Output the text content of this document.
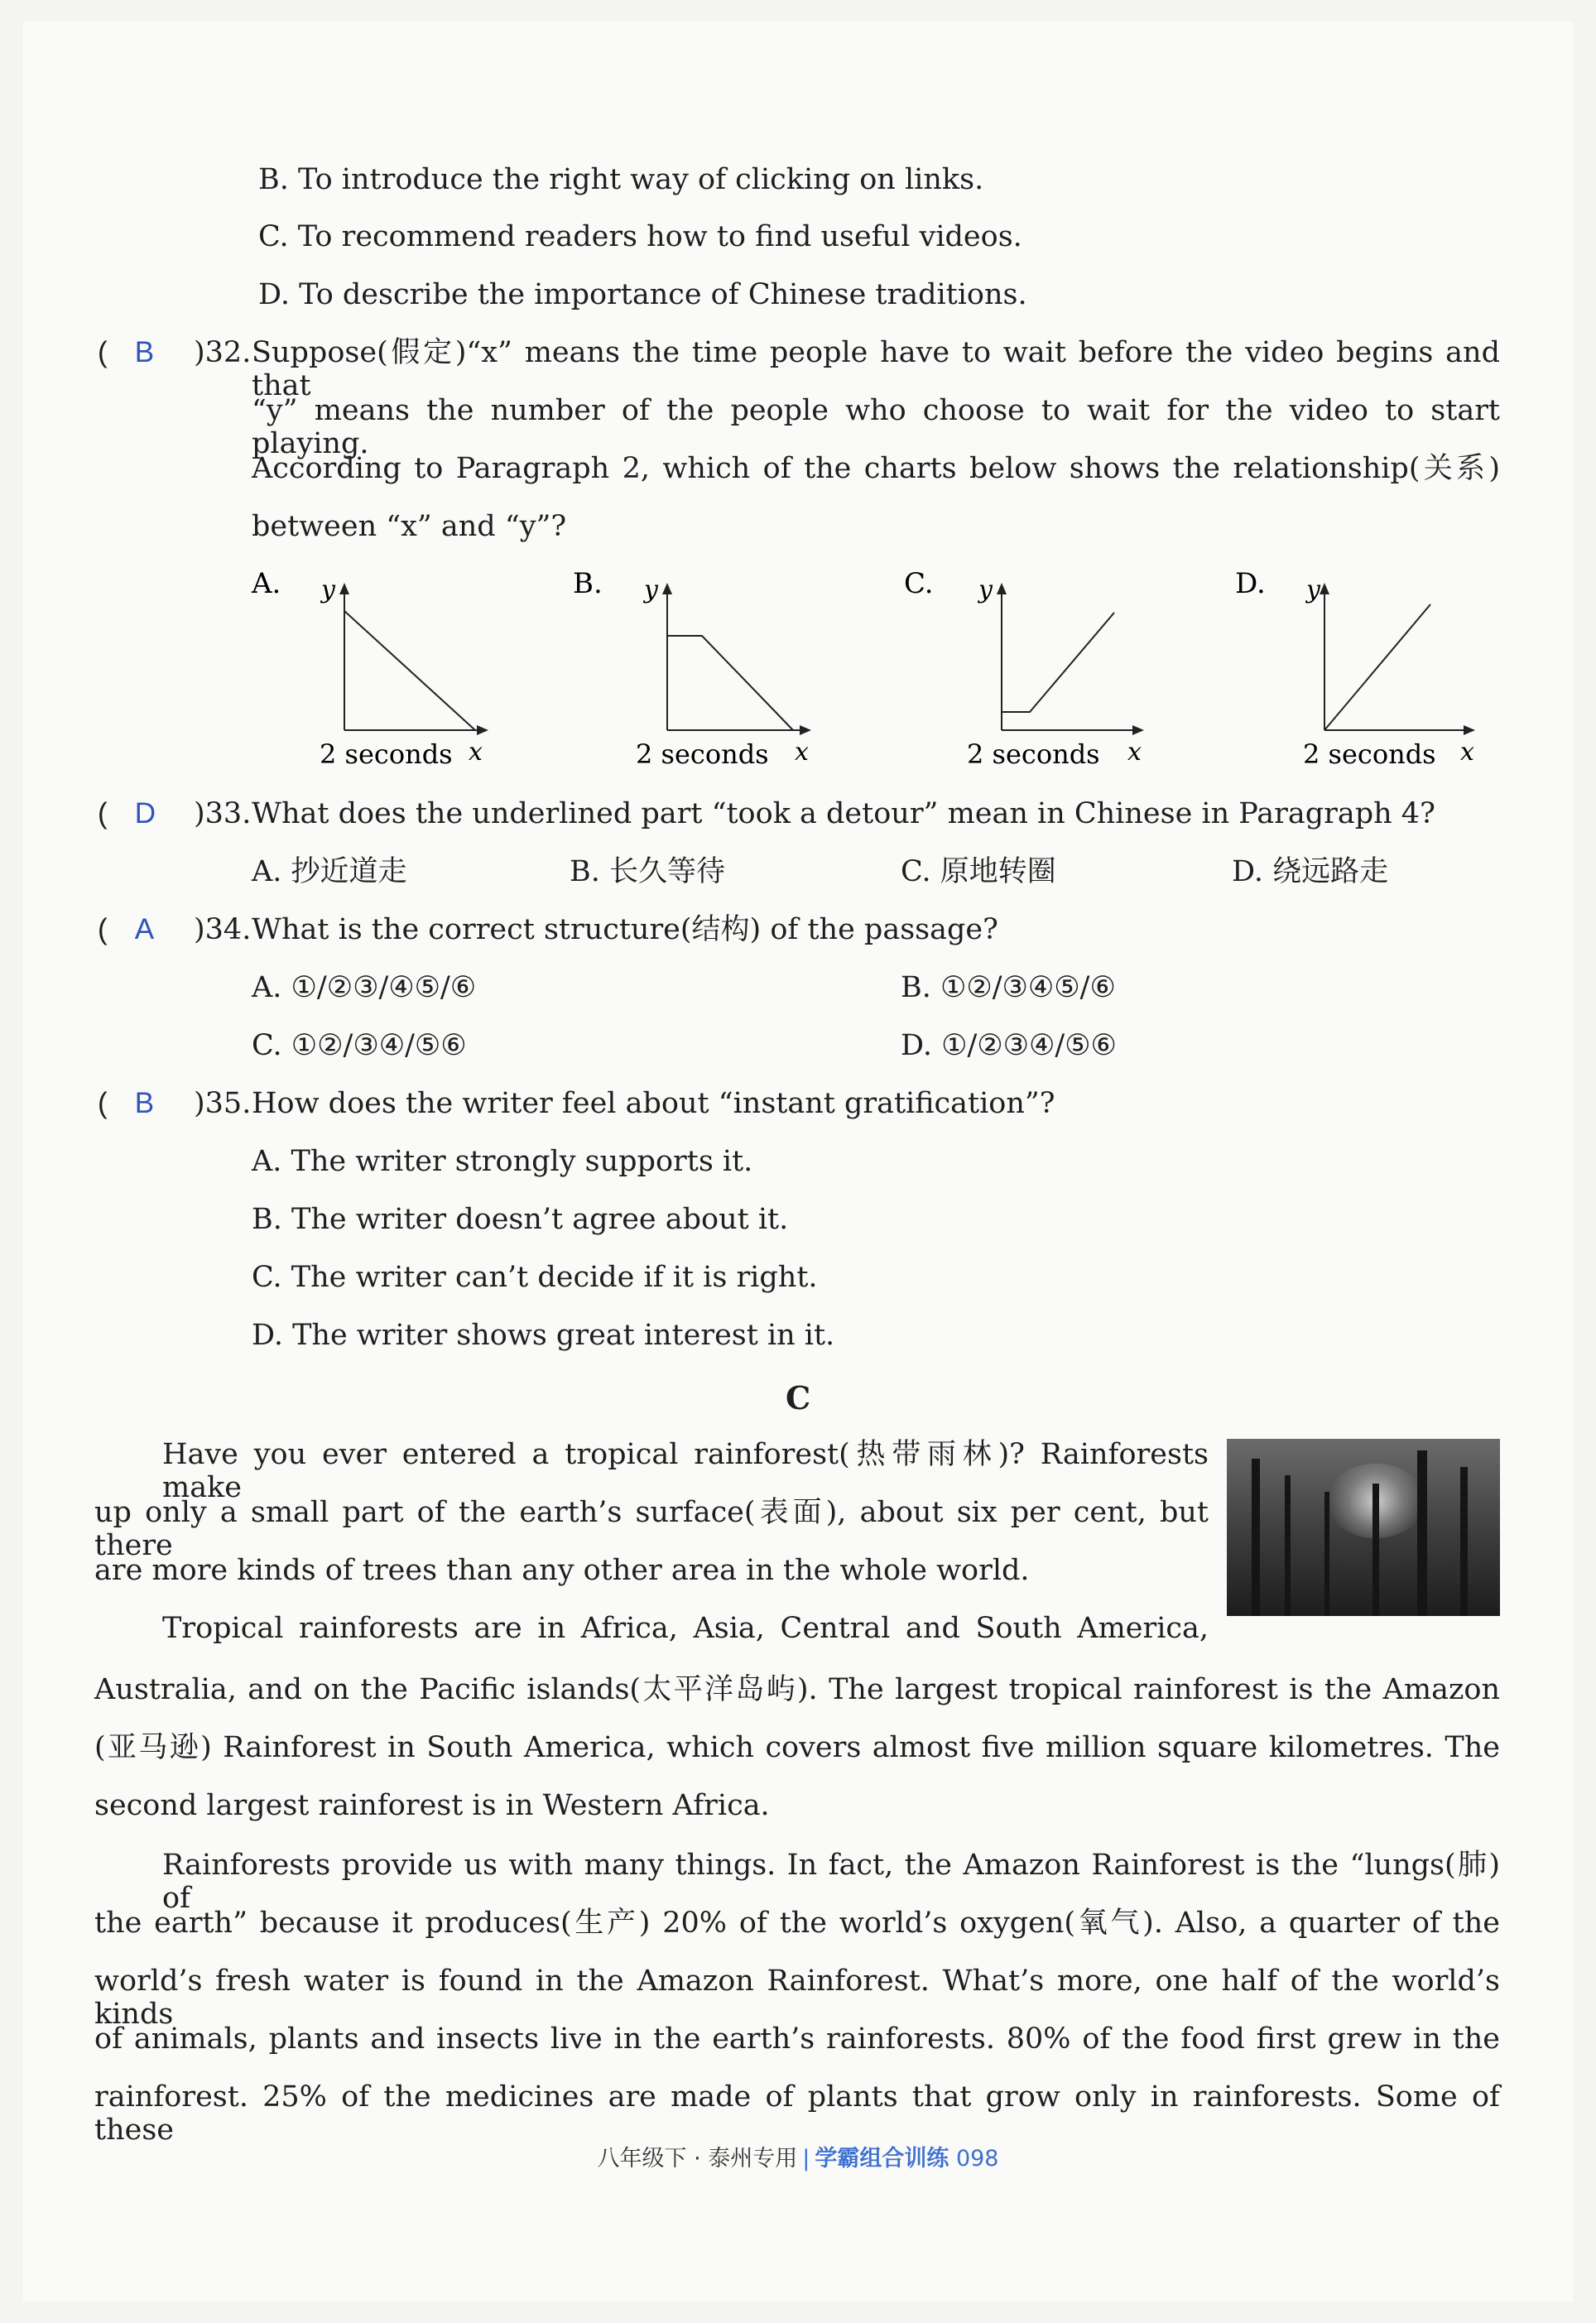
B. To introduce the right way of clicking on links.
C. To recommend readers how to find useful videos.
D. To describe the importance of Chinese traditions.
( B )32. Suppose(假定)“x” means the time people have to wait before the video begins and that
“y” means the number of the people who choose to wait for the video to start playing.
According to Paragraph 2, which of the charts below shows the relationship(关系)
between “x” and “y”?
A. y
2 seconds x
B. y
2 seconds x
C. y
2 seconds x
D. y
2 seconds x
( D )33. What does the underlined part “took a detour” mean in Chinese in Paragraph 4?
A. 抄近道走	B. 长久等待	C. 原地转圈	D. 绕远路走
( A )34. What is the correct structure(结构) of the passage?
A. ①/②③/④⑤/⑥	B. ①②/③④⑤/⑥
C. ①②/③④/⑤⑥	D. ①/②③④/⑤⑥
( B )35. How does the writer feel about “instant gratification”?
A. The writer strongly supports it.
B. The writer doesn’t agree about it.
C. The writer can’t decide if it is right.
D. The writer shows great interest in it.
C
Have you ever entered a tropical rainforest(热带雨林)? Rainforests make
up only a small part of the earth’s surface(表面), about six per cent, but there
are more kinds of trees than any other area in the whole world.
Tropical rainforests are in Africa, Asia, Central and South America,
Australia, and on the Pacific islands(太平洋岛屿). The largest tropical rainforest is the Amazon
(亚马逊) Rainforest in South America, which covers almost five million square kilometres. The
second largest rainforest is in Western Africa.
Rainforests provide us with many things. In fact, the Amazon Rainforest is the “lungs(肺) of
the earth” because it produces(生产) 20% of the world’s oxygen(氧气). Also, a quarter of the
world’s fresh water is found in the Amazon Rainforest. What’s more, one half of the world’s kinds
of animals, plants and insects live in the earth’s rainforests. 80% of the food first grew in the
rainforest. 25% of the medicines are made of plants that grow only in rainforests. Some of these
八年级下 · 泰州专用 | 学霸组合训练 098
